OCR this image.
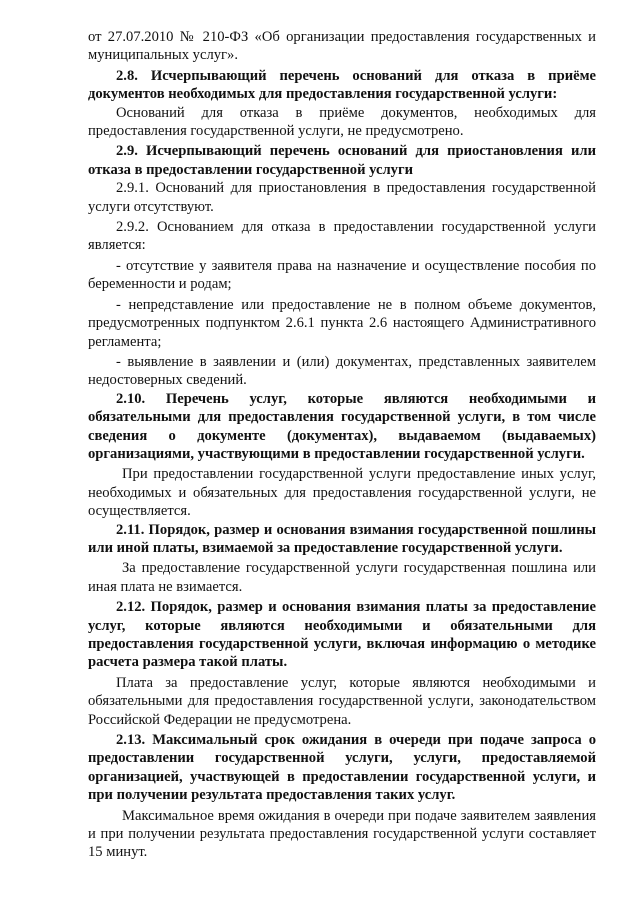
от 27.07.2010 № 210-ФЗ «Об организации предоставления государственных и муниципальных услуг».

2.8. Исчерпывающий перечень оснований для отказа в приёме документов необходимых для предоставления государственной услуги:

Оснований для отказа в приёме документов, необходимых для предоставления государственной услуги, не предусмотрено.

2.9. Исчерпывающий перечень оснований для приостановления или отказа в предоставлении государственной услуги

2.9.1. Оснований для приостановления в предоставления государственной услуги отсутствуют.

2.9.2. Основанием для отказа в предоставлении государственной услуги является:

- отсутствие у заявителя права на назначение и осуществление пособия по беременности и родам;

- непредставление или предоставление не в полном объеме документов, предусмотренных подпунктом 2.6.1 пункта 2.6 настоящего Административного регламента;

- выявление в заявлении и (или) документах, представленных заявителем недостоверных сведений.

2.10. Перечень услуг, которые являются необходимыми и обязательными для предоставления государственной услуги, в том числе сведения о документе (документах), выдаваемом (выдаваемых) организациями, участвующими в предоставлении государственной услуги.

При предоставлении государственной услуги предоставление иных услуг, необходимых и обязательных для предоставления государственной услуги, не осуществляется.

2.11. Порядок, размер и основания взимания государственной пошлины или иной платы, взимаемой за предоставление государственной услуги.

За предоставление государственной услуги государственная пошлина или иная плата не взимается.

2.12. Порядок, размер и основания взимания платы за предоставление услуг, которые являются необходимыми и обязательными для предоставления государственной услуги, включая информацию о методике расчета размера такой платы.

Плата за предоставление услуг, которые являются необходимыми и обязательными для предоставления государственной услуги, законодательством Российской Федерации не предусмотрена.

2.13. Максимальный срок ожидания в очереди при подаче запроса о предоставлении государственной услуги, услуги, предоставляемой организацией, участвующей в предоставлении государственной услуги, и при получении результата предоставления таких услуг.

Максимальное время ожидания в очереди при подаче заявителем заявления и при получении результата предоставления государственной услуги составляет 15 минут.
